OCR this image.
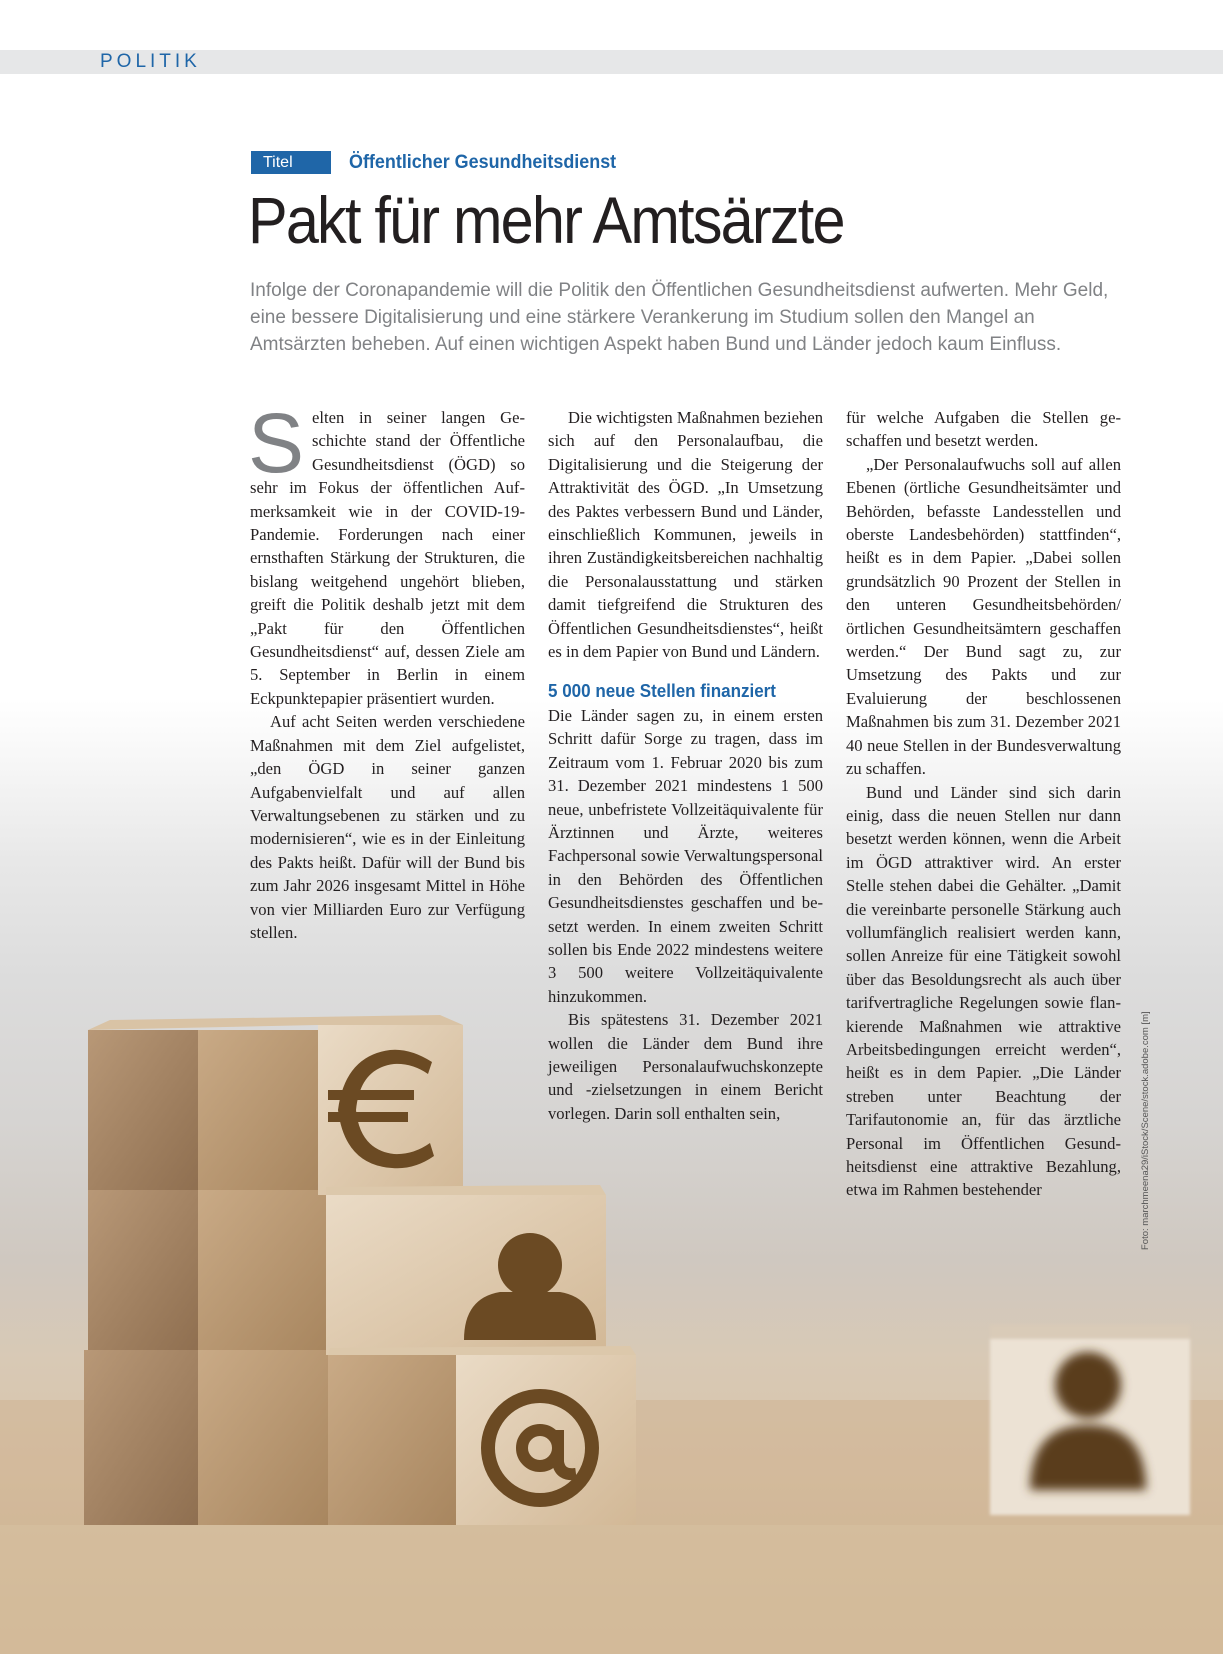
POLITIK
Titel	Öffentlicher Gesundheitsdienst
Pakt für mehr Amtsärzte
Infolge der Coronapandemie will die Politik den Öffentlichen Gesundheitsdienst aufwerten. Mehr Geld, eine bessere Digitalisierung und eine stärkere Verankerung im Studium sollen den Mangel an Amtsärzten beheben. Auf einen wichtigen Aspekt haben Bund und Länder jedoch kaum Einfluss.

Selten in seiner langen Geschichte stand der Öffentliche Gesundheitsdienst (ÖGD) so sehr im Fokus der öffentlichen Aufmerksamkeit wie in der COVID-19-Pandemie. Forderungen nach einer ernsthaften Stärkung der Strukturen, die bislang weitgehend ungehört blieben, greift die Politik deshalb jetzt mit dem „Pakt für den Öffentlichen Gesundheitsdienst“ auf, dessen Ziele am 5. September in Berlin in einem Eckpunktepapier präsentiert wurden.

Auf acht Seiten werden verschiedene Maßnahmen mit dem Ziel aufgelistet, „den ÖGD in seiner ganzen Aufgabenvielfalt und auf allen Verwaltungsebenen zu stärken und zu modernisieren“, wie es in der Einleitung des Pakts heißt. Dafür will der Bund bis zum Jahr 2026 insgesamt Mittel in Höhe von vier Milliarden Euro zur Verfügung stellen.

Die wichtigsten Maßnahmen beziehen sich auf den Personalaufbau, die Digitalisierung und die Steigerung der Attraktivität des ÖGD. „In Umsetzung des Paktes verbessern Bund und Länder, einschließlich Kommunen, jeweils in ihren Zuständigkeitsbereichen nachhaltig die Personalausstattung und stärken damit tiefgreifend die Strukturen des Öffentlichen Gesundheitsdienstes“, heißt es in dem Papier von Bund und Ländern.

5 000 neue Stellen finanziert

Die Länder sagen zu, in einem ersten Schritt dafür Sorge zu tragen, dass im Zeitraum vom 1. Februar 2020 bis zum 31. Dezember 2021 mindestens 1 500 neue, unbefristete Vollzeitäquivalente für Ärztinnen und Ärzte, weiteres Fachpersonal sowie Verwaltungspersonal in den Behörden des Öffentlichen Gesundheitsdienstes geschaffen und besetzt werden. In einem zweiten Schritt sollen bis Ende 2022 mindestens weitere 3 500 weitere Vollzeitäquivalente hinzukommen.

Bis spätestens 31. Dezember 2021 wollen die Länder dem Bund ihre jeweiligen Personalaufwuchskonzepte und -zielsetzungen in einem Bericht vorlegen. Darin soll enthalten sein,

für welche Aufgaben die Stellen geschaffen und besetzt werden.

„Der Personalaufwuchs soll auf allen Ebenen (örtliche Gesundheitsämter und Behörden, befasste Landesstellen und oberste Landesbehörden) stattfinden“, heißt es in dem Papier. „Dabei sollen grundsätzlich 90 Prozent der Stellen in den unteren Gesundheitsbehörden/ örtlichen Gesundheitsämtern geschaffen werden.“ Der Bund sagt zu, zur Umsetzung des Pakts und zur Evaluierung der beschlossenen Maßnahmen bis zum 31. Dezember 2021 40 neue Stellen in der Bundesverwaltung zu schaffen.

Bund und Länder sind sich darin einig, dass die neuen Stellen nur dann besetzt werden können, wenn die Arbeit im ÖGD attraktiver wird. An erster Stelle stehen dabei die Gehälter. „Damit die vereinbarte personelle Stärkung auch vollumfänglich realisiert werden kann, sollen Anreize für eine Tätigkeit sowohl über das Besoldungsrecht als auch über tarifvertragliche Regelungen sowie flankierende Maßnahmen wie attraktive Arbeitsbedingungen erreicht werden“, heißt es in dem Papier. „Die Länder streben unter Beachtung der Tarifautonomie an, für das ärztliche Personal im Öffentlichen Gesundheitsdienst eine attraktive Bezahlung, etwa im Rahmen bestehender	Foto: marchmeena29/iStock/Scene/stock.adobe.com [m]
